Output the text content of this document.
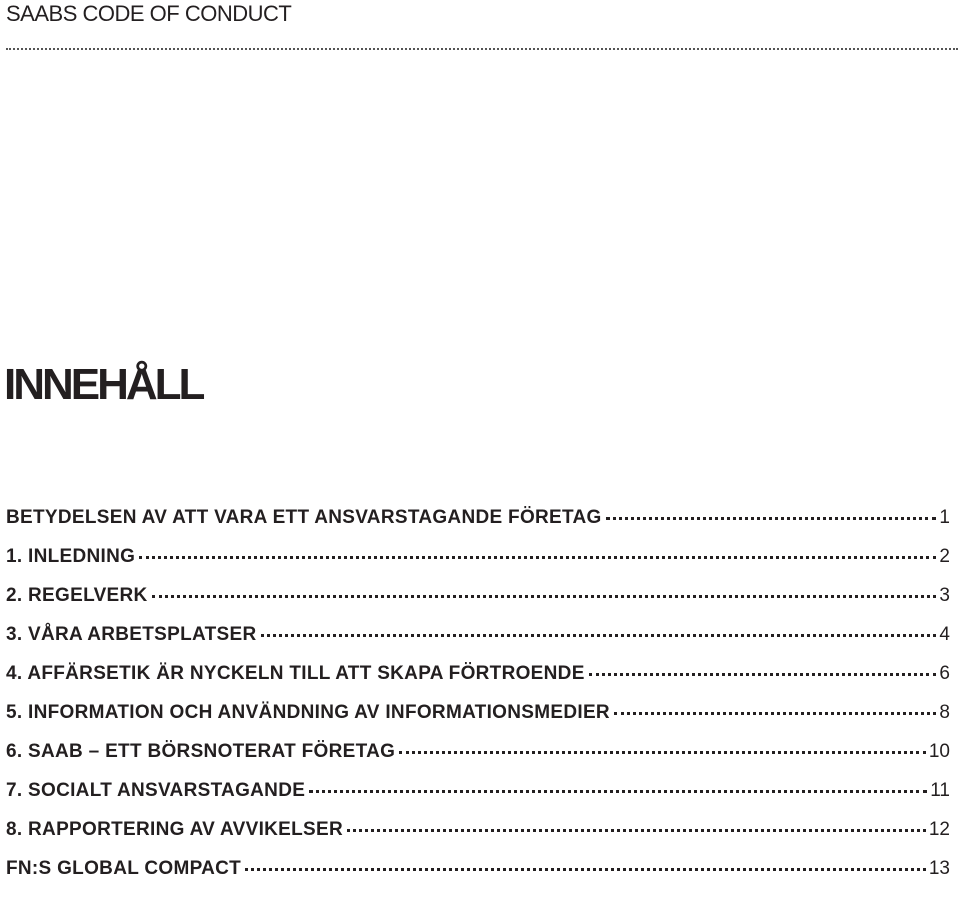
SAABS CODE OF CONDUCT
INNEHÅLL
BETYDELSEN AV ATT VARA ETT ANSVARSTAGANDE FÖRETAG	1
1. INLEDNING	2
2. REGELVERK	3
3. VÅRA ARBETSPLATSER	4
4. AFFÄRSETIK ÄR NYCKELN TILL ATT SKAPA FÖRTROENDE	6
5. INFORMATION OCH ANVÄNDNING AV INFORMATIONSMEDIER	8
6. SAAB – ETT BÖRSNOTERAT FÖRETAG	10
7. SOCIALT ANSVARSTAGANDE	11
8. RAPPORTERING AV AVVIKELSER	12
FN:S GLOBAL COMPACT	13
